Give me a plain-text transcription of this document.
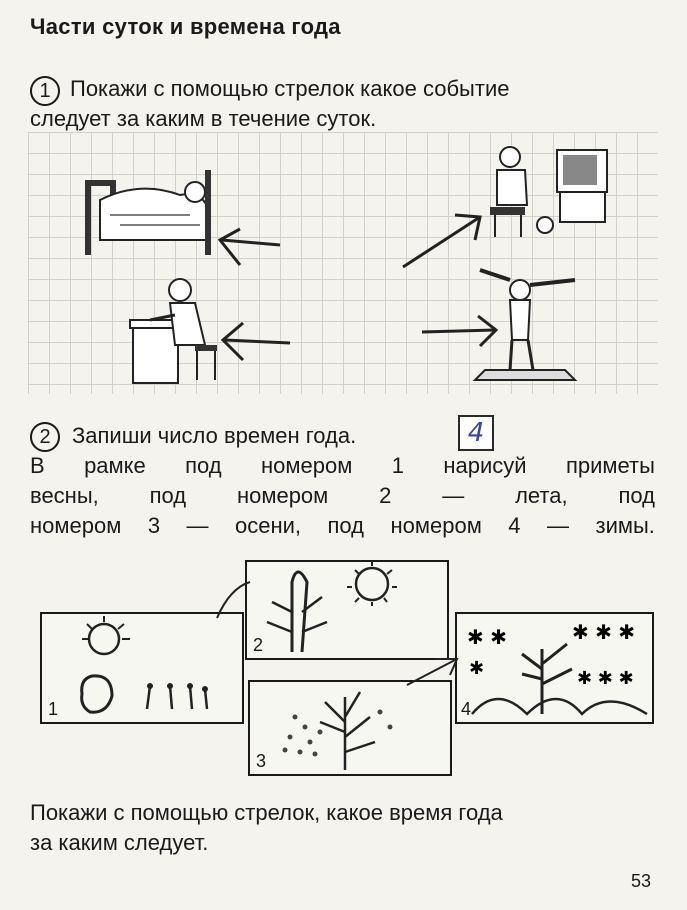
Части суток и времена года
1 Покажи с помощью стрелок какое событие
следует за каким в течение суток.
2 Запиши число времен года.	4
В рамке под номером 1 нарисуй приметы
весны, под номером 2 — лета, под
номером 3 — осени, под номером 4 — зимы.
2
1
✱ ✱	✱ ✱ ✱
✱	✱ ✱ ✱
4
3
Покажи с помощью стрелок, какое время года
за каким следует.
53
